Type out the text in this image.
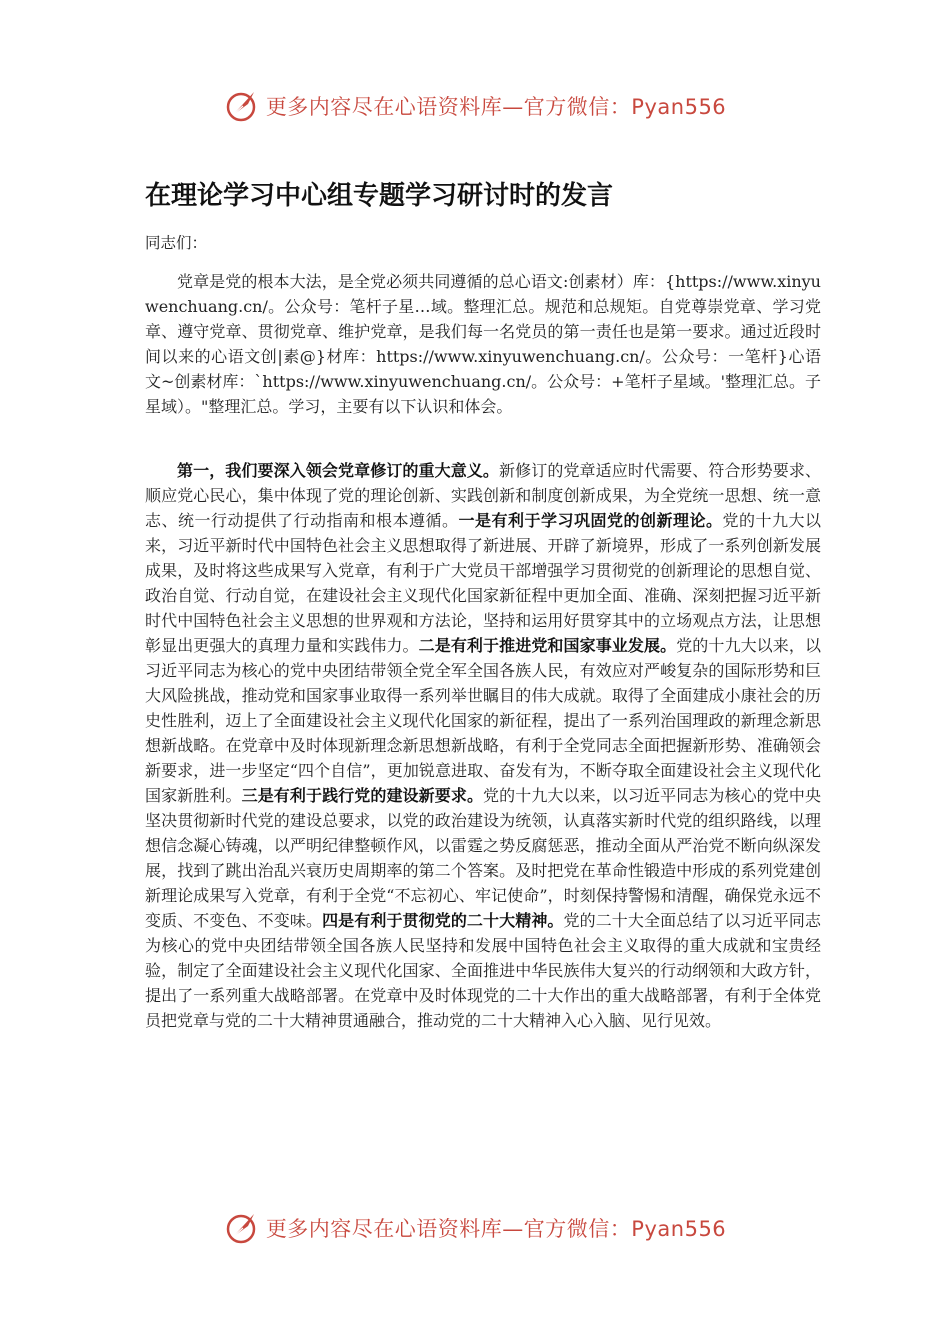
更多内容尽在心语资料库—官方微信：Pyan556
在理论学习中心组专题学习研讨时的发言

同志们：

党章是党的根本大法，是全党必须共同遵循的总心语文:创素材）库：{https://www.xinyuwenchuang.cn/。公众号：笔杆子星…域。整理汇总。规范和总规矩。自党尊崇党章、学习党章、遵守党章、贯彻党章、维护党章，是我们每一名党员的第一责任也是第一要求。通过近段时间以来的心语文创|素@}材库：https://www.xinyuwenchuang.cn/。公众号：一笔杆}心语文~创素材库：`https://www.xinyuwenchuang.cn/。公众号：+笔杆子星域。'整理汇总。子星域）。"整理汇总。学习，主要有以下认识和体会。

第一，我们要深入领会党章修订的重大意义。新修订的党章适应时代需要、符合形势要求、顺应党心民心，集中体现了党的理论创新、实践创新和制度创新成果，为全党统一思想、统一意志、统一行动提供了行动指南和根本遵循。一是有利于学习巩固党的创新理论。党的十九大以来，习近平新时代中国特色社会主义思想取得了新进展、开辟了新境界，形成了一系列创新发展成果，及时将这些成果写入党章，有利于广大党员干部增强学习贯彻党的创新理论的思想自觉、政治自觉、行动自觉，在建设社会主义现代化国家新征程中更加全面、准确、深刻把握习近平新时代中国特色社会主义思想的世界观和方法论，坚持和运用好贯穿其中的立场观点方法，让思想彰显出更强大的真理力量和实践伟力。二是有利于推进党和国家事业发展。党的十九大以来，以习近平同志为核心的党中央团结带领全党全军全国各族人民，有效应对严峻复杂的国际形势和巨大风险挑战，推动党和国家事业取得一系列举世瞩目的伟大成就。取得了全面建成小康社会的历史性胜利，迈上了全面建设社会主义现代化国家的新征程，提出了一系列治国理政的新理念新思想新战略。在党章中及时体现新理念新思想新战略，有利于全党同志全面把握新形势、准确领会新要求，进一步坚定“四个自信”，更加锐意进取、奋发有为，不断夺取全面建设社会主义现代化国家新胜利。三是有利于践行党的建设新要求。党的十九大以来，以习近平同志为核心的党中央坚决贯彻新时代党的建设总要求，以党的政治建设为统领，认真落实新时代党的组织路线，以理想信念凝心铸魂，以严明纪律整顿作风，以雷霆之势反腐惩恶，推动全面从严治党不断向纵深发展，找到了跳出治乱兴衰历史周期率的第二个答案。及时把党在革命性锻造中形成的系列党建创新理论成果写入党章，有利于全党“不忘初心、牢记使命”，时刻保持警惕和清醒，确保党永远不变质、不变色、不变味。四是有利于贯彻党的二十大精神。党的二十大全面总结了以习近平同志为核心的党中央团结带领全国各族人民坚持和发展中国特色社会主义取得的重大成就和宝贵经验，制定了全面建设社会主义现代化国家、全面推进中华民族伟大复兴的行动纲领和大政方针，提出了一系列重大战略部署。在党章中及时体现党的二十大作出的重大战略部署，有利于全体党员把党章与党的二十大精神贯通融合，推动党的二十大精神入心入脑、见行见效。

更多内容尽在心语资料库—官方微信：Pyan556
